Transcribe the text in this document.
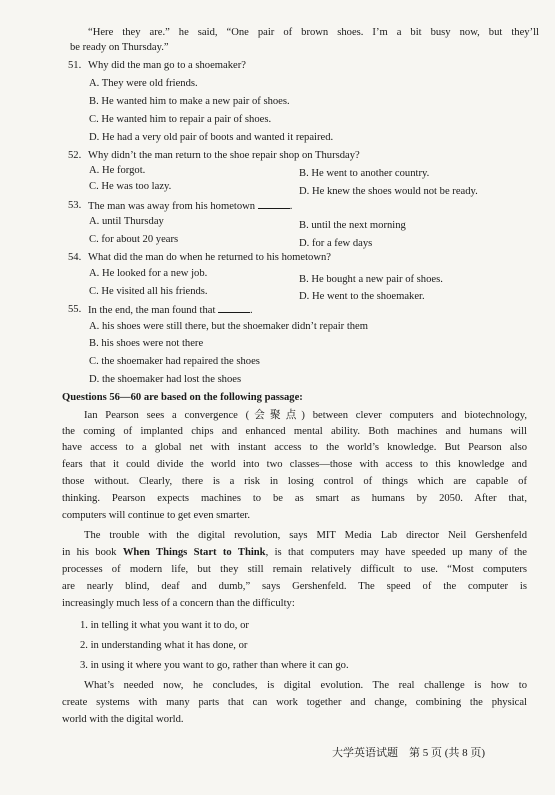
“Here they are.” he said, “One pair of brown shoes. I’m a bit busy now, but they’ll
be ready on Thursday.”
51. Why did the man go to a shoemaker?
A. They were old friends.
B. He wanted him to make a new pair of shoes.
C. He wanted him to repair a pair of shoes.
D. He had a very old pair of boots and wanted it repaired.
52. Why didn’t the man return to the shoe repair shop on Thursday?
A. He forgot.	B. He went to another country.
C. He was too lazy.	D. He knew the shoes would not be ready.
53. The man was away from his hometown	.
A. until Thursday	B. until the next morning
C. for about 20 years	D. for a few days
54. What did the man do when he returned to his hometown?
A. He looked for a new job.
B. He bought a new pair of shoes.
C. He visited all his friends.	D. He went to the shoemaker.
55. In the end, the man found that	.
A. his shoes were still there, but the shoemaker didn’t repair them
B. his shoes were not there
C. the shoemaker had repaired the shoes
D. the shoemaker had lost the shoes
Questions 56—60 are based on the following passage:
Ian Pearson sees a convergence (会聚点) between clever computers and biotechnology,
the coming of implanted chips and enhanced mental ability. Both machines and humans will
have access to a global net with instant access to the world’s knowledge. But Pearson also
fears that it could divide the world into two classes—those with access to this knowledge and
those without. Clearly, there is a risk in losing control of things which are capable of
thinking. Pearson expects machines to be as smart as humans by 2050. After that,
computers will continue to get even smarter.
The trouble with the digital revolution, says MIT Media Lab director Neil Gershenfeld
in his book When Things Start to Think, is that computers may have speeded up many of the
processes of modern life, but they still remain relatively difficult to use. “Most computers
are nearly blind, deaf and dumb,” says Gershenfeld. The speed of the computer is
increasingly much less of a concern than the difficulty:
1. in telling it what you want it to do, or
2. in understanding what it has done, or
3. in using it where you want to go, rather than where it can go.
What’s needed now, he concludes, is digital evolution. The real challenge is how to
create systems with many parts that can work together and change, combining the physical
world with the digital world.
大学英语试题　第 5 页 (共 8 页)
